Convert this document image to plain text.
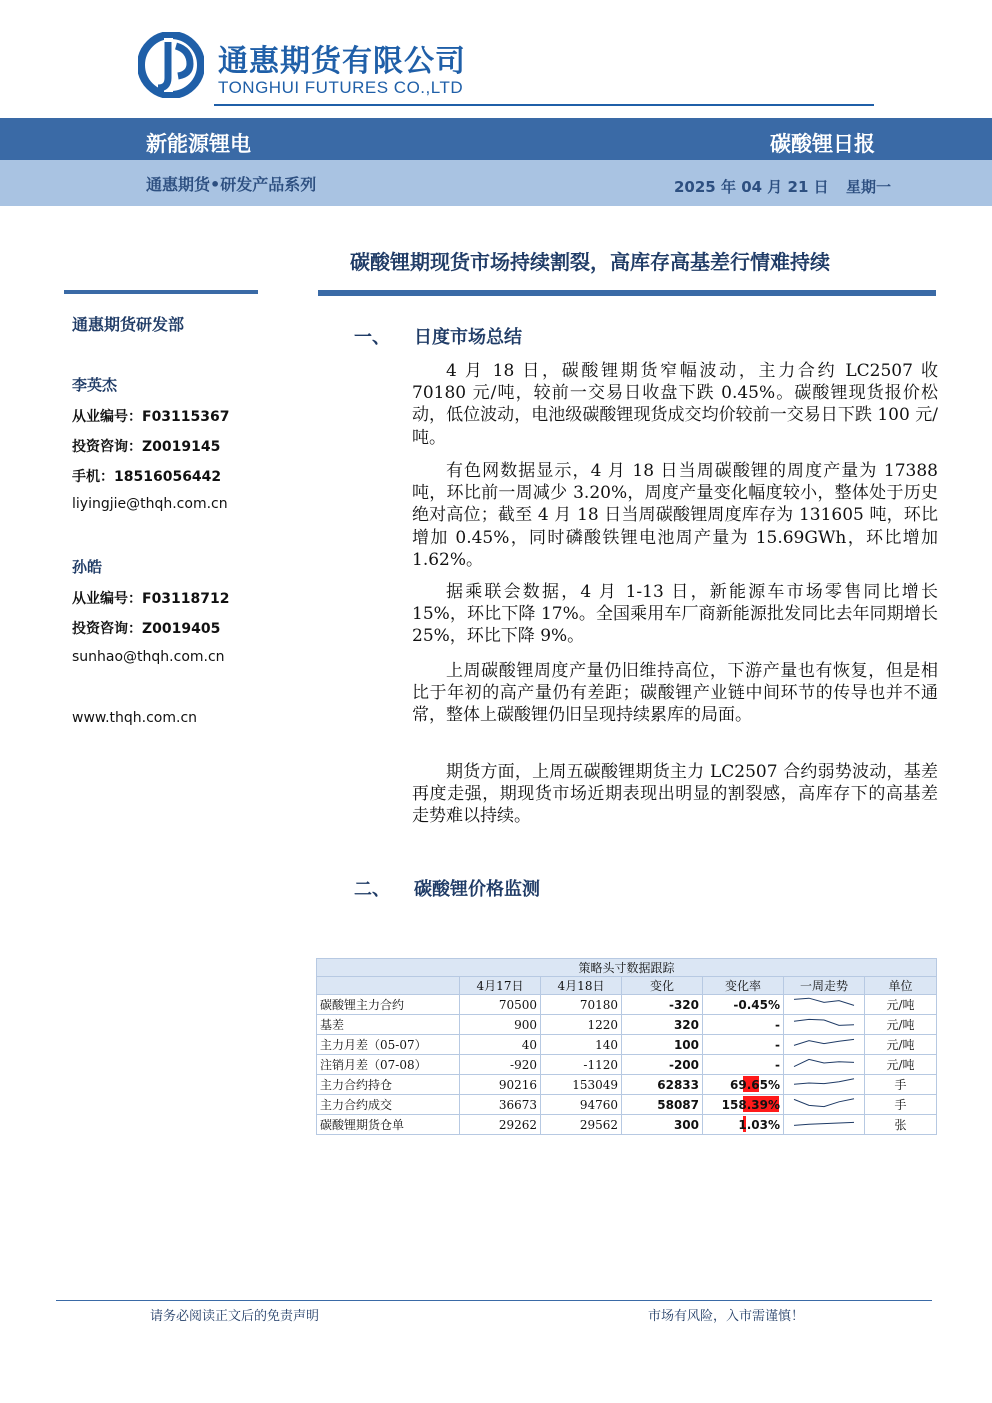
通惠期货有限公司
TONGHUI FUTURES CO.,LTD
新能源锂电	碳酸锂日报
通惠期货•研发产品系列	2025 年 04 月 21 日 星期一
碳酸锂期现货市场持续割裂，高库存高基差行情难持续
通惠期货研发部
李英杰
从业编号：F03115367
投资咨询：Z0019145
手机：18516056442
liyingjie@thqh.com.cn
孙皓
从业编号：F03118712
投资咨询：Z0019405
sunhao@thqh.com.cn
www.thqh.com.cn
一、 日度市场总结

4 月 18 日，碳酸锂期货窄幅波动，主力合约 LC2507 收 70180 元/吨，较前一交易日收盘下跌 0.45%。碳酸锂现货报价松动，低位波动，电池级碳酸锂现货成交均价较前一交易日下跌 100 元/吨。

有色网数据显示，4 月 18 日当周碳酸锂的周度产量为 17388 吨，环比前一周减少 3.20%，周度产量变化幅度较小，整体处于历史绝对高位；截至 4 月 18 日当周碳酸锂周度库存为 131605 吨，环比增加 0.45%，同时磷酸铁锂电池周产量为 15.69GWh，环比增加 1.62%。

据乘联会数据，4 月 1-13 日，新能源车市场零售同比增长 15%，环比下降 17%。全国乘用车厂商新能源批发同比去年同期增长 25%，环比下降 9%。

上周碳酸锂周度产量仍旧维持高位，下游产量也有恢复，但是相比于年初的高产量仍有差距；碳酸锂产业链中间环节的传导也并不通常，整体上碳酸锂仍旧呈现持续累库的局面。

期货方面，上周五碳酸锂期货主力 LC2507 合约弱势波动，基差再度走强，期现货市场近期表现出明显的割裂感，高库存下的高基差走势难以持续。

二、 碳酸锂价格监测
策略头寸数据跟踪						
	4月17日	4月18日	变化	变化率	一周走势	单位
碳酸锂主力合约	70500	70180	-320	-0.45%		元/吨
基差	900	1220	320	-		元/吨
主力月差（05-07）	40	140	100	-		元/吨
注销月差（07-08）	-920	-1120	-200	-		元/吨
主力合约持仓	90216	153049	62833	69.65%		手
主力合约成交	36673	94760	58087	158.39%		手
碳酸锂期货仓单	29262	29562	300	1.03%		张
请务必阅读正文后的免责声明	市场有风险，入市需谨慎！
